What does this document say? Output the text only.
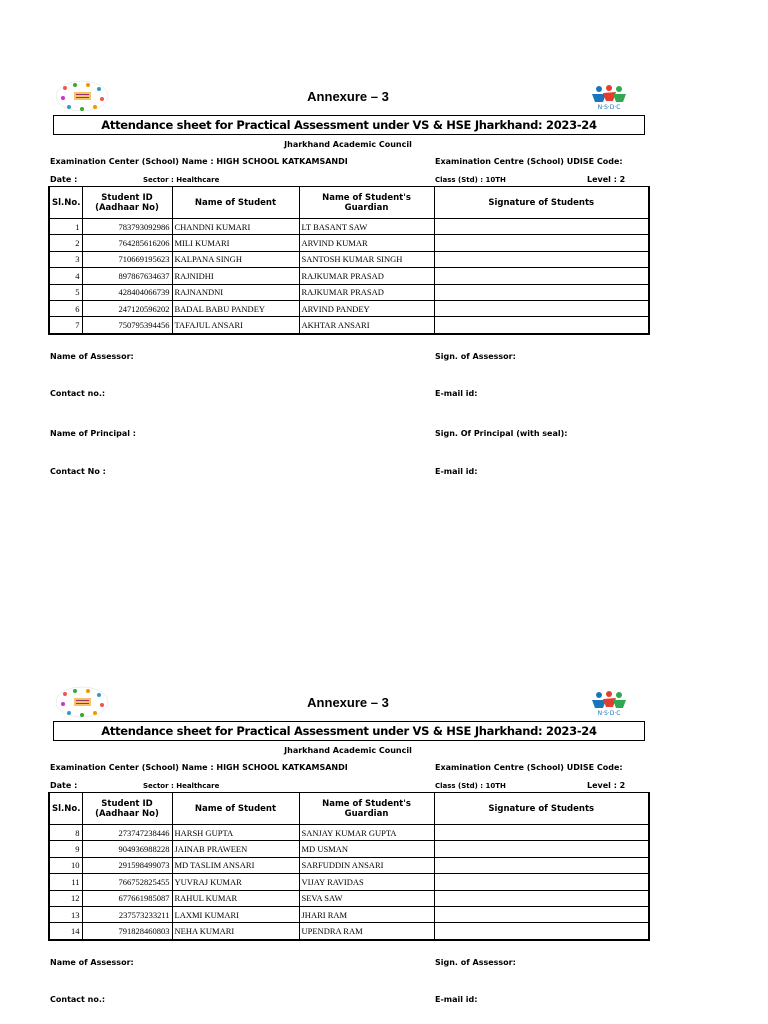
Annexure – 3
N·S·D·C
Attendance sheet for Practical Assessment under VS & HSE Jharkhand: 2023-24
Jharkhand Academic Council
Examination Center (School) Name : HIGH SCHOOL KATKAMSANDI	Examination Centre (School) UDISE Code:
Date :	Sector : Healthcare	Class (Std) : 10TH	Level : 2
Sl.No.	Student ID (Aadhaar No)	Name of Student	Name of Student's Guardian	Signature of Students
1	783793092986	CHANDNI KUMARI	LT BASANT SAW	
2	764285616206	MILI KUMARI	ARVIND KUMAR	
3	710669195623	KALPANA SINGH	SANTOSH KUMAR SINGH	
4	897867634637	RAJNIDHI	RAJKUMAR PRASAD	
5	428404066739	RAJNANDNI	RAJKUMAR PRASAD	
6	247120596202	BADAL BABU PANDEY	ARVIND PANDEY	
7	750795394456	TAFAJUL ANSARI	AKHTAR ANSARI	
Name of Assessor:	Sign. of Assessor:
Contact no.:	E-mail id:
Name of Principal :	Sign. Of Principal (with seal):
Contact No :	E-mail id:
Annexure – 3
N·S·D·C
Attendance sheet for Practical Assessment under VS & HSE Jharkhand: 2023-24
Jharkhand Academic Council
Examination Center (School) Name : HIGH SCHOOL KATKAMSANDI	Examination Centre (School) UDISE Code:
Date :	Sector : Healthcare	Class (Std) : 10TH	Level : 2
Sl.No.	Student ID (Aadhaar No)	Name of Student	Name of Student's Guardian	Signature of Students
8	273747238446	HARSH GUPTA	SANJAY KUMAR GUPTA	
9	904936988228	JAINAB PRAWEEN	MD USMAN	
10	291598499073	MD TASLIM ANSARI	SARFUDDIN ANSARI	
11	766752825455	YUVRAJ KUMAR	VIJAY RAVIDAS	
12	677661985087	RAHUL KUMAR	SEVA SAW	
13	237573233211	LAXMI KUMARI	JHARI RAM	
14	791828460803	NEHA KUMARI	UPENDRA RAM	
Name of Assessor:	Sign. of Assessor:
Contact no.:	E-mail id:
